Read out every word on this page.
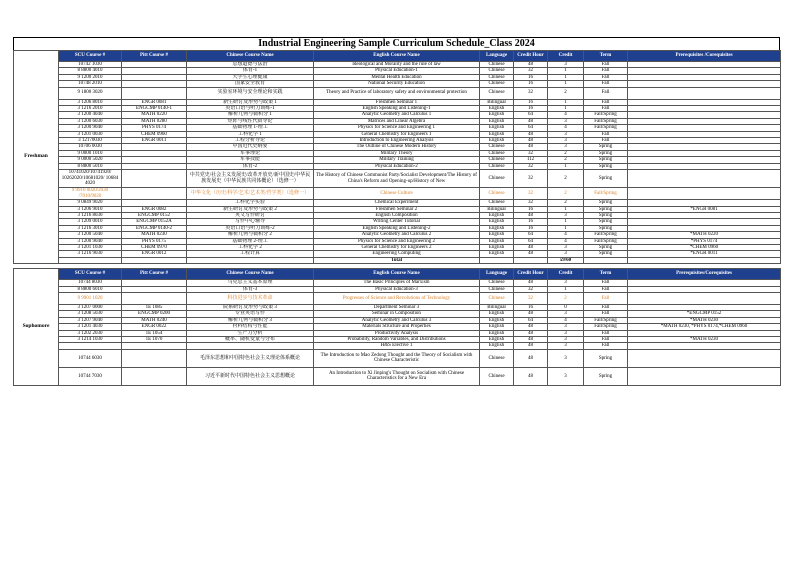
Industrial Engineering Sample Curriculum Schedule_Class 2024
Freshman	SCU Course #	Pitt Course #	Chinese Course Name	English Course Name	Language	Credit Hour	Credit	Term	Prerequisites /Corequisites
	10742 1030		思想道德与法治	Ideological and Morality and the rule of law	Chinese	48	3	Fall	
	8 8800 4010		体育-1	Physical Education-1	Chinese	32	1	Fall	
	9 1200 2010		大学生心理健康	Mental Health Education	Chinese	16	1	Fall	
	10748 2010		国家安全教育	National Security Education	Chinese	16	1	Fall	
	9 1800 3020		实验室环境与安全理论和实践	Theory and Practice of laboratory safety and environmental protection	Chinese	32	2	Fall	
	3 1206 8010	ENGR 0081	新生研讨及形势与政策 1	Freshmen Seminar 1	Bilingual	16	1	Fall	
	3 1216 2010	ENGCMP 0140-1	英语口语与听力训练-1	English Speaking and Listening-1	English	16	1	Fall	
	3 1200 4040	MATH 0220	解析几何与微积分 1	Analytic Geometry and Calculus 1	English	64	4	Fall/Spring	
	3 1200 6030	MATH 0280	矩阵与线性代数导论	Matrices and Linear Algebra	English	48	3	Fall/Spring	
	3 1200 9040	PHYS 0174	基础物理 1-理工	Physics for Science and Engineering 1	English	64	4	Fall/Spring	
	3 1201 0030	CHEM 0960	工科化学 1	General Chemistry for Engineers 1	English	48	3	Fall	
	3 12170030	ENGR 0011	工程分析导论	Introduction to Engineering Analysis	English	48	3	Fall	
	10706 0030		中国近代史纲要	The Outline of Chinese Modern History	Chinese	48	3	Spring	
	9 0000 1010		军事理论	Military Theory	Chinese	32	2	Spring	
	9 0000 5020		军事技能	Military Training	Chinese	112	2	Spring	
	8 8800 5010		体育-2	Physical Education-2	Chinese	32	1	Spring	
	10741020/10741920/ 10262020/10681020/ 10684 4020		中共党史/社会主义发展史/改革开放史/新中国史/中华民族发展史（中华民族共同体概论）（选修一）	The History of Chinese Communist Party/Socialist Development/The History of China's Reform and Opening-up/History of New	Chinese	32	2	Spring	
	9 9910 0020/2030 /7010/9020		中华文化（历史/科学/艺术/艺术类/哲学类）（选修一）	Chinese Culture	Chinese	32	2	Fall/Spring	
	9 0849 9020		工科化学实验	Chemical Experiment	Chinese	32	2	Spring	
	3 1206 9010	ENGR 0082	新生研讨及形势与政策 2	Freshmen Seminar 2	Bilingual	16	1	Spring	*ENGR 0081
	3 1216 8030	ENGCMP 0152	英文写作研讨	English Composition	English	48	3	Spring	
	3 1209 0010	ENGCMP 0152A	写作中心辅导	Writing Center Tutorial	English	16	1	Spring	
	3 1216 3010	ENGCMP 0140-2	英语口语与听力训练-2	English Speaking and Listening-2	English	16	1	Spring	
	3 1200 5040	MATH 0230	解析几何与微积分 2	Analytic Geometry and Calculus 2	English	64	4	Fall/Spring	*MATH 0220
	3 1200 9040	PHYS 0175	基础物理 2-理工	Physics for Science and Engineering 2	English	64	4	Fall/Spring	*PHYS 0174
	3 1201 1030	CHEM 0970	工科化学 2	General Chemistry for Engineers 2	English	48	3	Spring	*CHEM 0960
	3 1216 9030	ENGR 0012	工程计算	Engineering Computing	English	48	3	Spring	*ENGR 0011
				Total			59/60		

Sophomore	SCU Course #	Pitt Course #	Chinese Course Name	English Course Name	Language	Credit Hour	Credit	Term	Prerequisites/Corequisites
	10744 8030		马克思主义基本原理	The Basic Principles of Marxism	Chinese	48	3	Fall	
	8 8800 6010		体育-3	Physical Education-3	Chinese	32	1	Fall	
	9 9901 1020		科技进步与技术革命	Progresses of Science and Revolutions of Technology	Chinese	32	2	Fall	
	3 1207 0000	1E 1085	院系研讨及形势与政策 3	Department Seminar 3	Bilingual	16	0	Fall	
	3 1208 5030	ENGCMP 0200	专业英语写作	Seminar in Composition	English	48	3	Fall	*ENGCMP 0152
	3 1207 9040	MATH 0240	解析几何与微积分 3	Analytic Geometry and Calculus 3	English	64	4	Fall/Spring	*MATH 0230
	3 1201 4030	ENGR 0022	材料结构与性能	Materials Structure and Properties	English	48	3	Fall/Spring	*MATH 0230, *PHYS 0174,*CHEM 0960
	3 1202 2030	1E 1054	生产力分析	Productivity Analysis	English	48	3	Fall	
	3 1214 1030	1E 1070	概率、随机变量与分布	Probability, Random Variables, and Distributions	English	48	3	Fall	*MATH 0230
				H&S Elective 1	English	48	3	Fall	
	10744 6030		毛泽东思想和中国特色社会主义理论体系概论	The Introduction to Mao Zedong Thought and the Theory of Socialism with Chinese Characteristic	Chinese	48	3	Spring	
	10744 7030		习近平新时代中国特色社会主义思想概论	An Introduction to Xi Jinping's Thought on Socialism with Chinese Characteristics for a New Era	Chinese	48	3	Spring	
